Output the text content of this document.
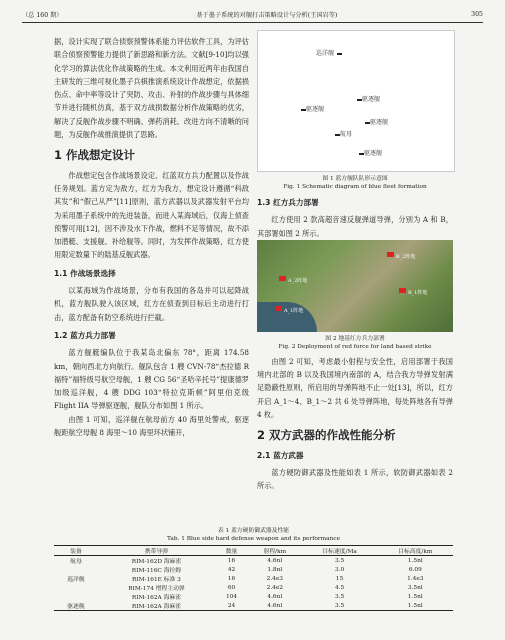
（总 160 期）	基于墨子系统的对舰打击策略设计与分析(王国岩等)	305

据，设计实现了联合侦察预警体系能力评估软件工具，为评估联合侦察预警能力提供了新思路和新方法。文献[9-10]均以强化学习的算法优化作战策略的生成。本文利用近两年由我国自主研发的三维可视化墨子兵棋推演系统设计作战想定，依据损伤点、命中率等设计了突防、攻击、补射的作战步骤与具体细节并进行随机仿真，基于双方战损数据分析作战策略的优劣，解决了反舰作战步骤不明确、弹药消耗、改进方向不清晰的问题，为反舰作战推演提供了思路。

1 作战想定设计

作战想定包含作战场景设定、红蓝双方兵力配置以及作战任务规划。蓝方定为敌方，红方为我方，想定设计遵循“科敌其发”和“假己从严”[11]原则，蓝方武器以及武器发射平台均为采用墨子系统中的先进装备，而进入某海域后，仅海上侦查预警可用[12]，因不涉及水下作战，燃料不足等情况，故不添加潜艇、支援舰、补给舰等。同时，为发挥作战策略，红方使用限定数量下的陆基反舰武器。

1.1 作战场景选择

以某海域为作战场景，分布有我国的各岛并可以起降战机，蓝方舰队驶入该区域，红方在侦查到目标后主动进行打击，蓝方配备有防空系统进行拦截。

1.2 蓝方兵力部署

蓝方舰艇编队位于我某岛北偏东 78°，距离 174.58 km，朝向西北方向航行。舰队包含 1 艘 CVN-78“杰拉德 R 福特”福特级号航空母舰，1 艘 CG 56“圣哈辛托号”提康德罗加级巡洋舰，4 艘 DDG 103“特拉克斯顿”阿里伯克级 Flight IIA 导弹驱逐舰，舰队分布如图 1 所示。

由图 1 可知，巡洋舰在航母前方 40 海里处警戒，驱逐舰距航空母舰 8 海里～10 海里环状铺开，

巡洋舰
驱逐舰
驱逐舰
驱逐舰
航母
驱逐舰
图 1 蓝方舰队队形示意图
Fig. 1 Schematic diagram of blue fleet formation
1.3 红方兵力部署

红方使用 2 款高超音速反舰弹道导弹，分别为 A 和 B，其部署如图 2 所示。

B_2阵地
A_2阵地
B_1阵地
A_1阵地
图 2 地基红方兵力部署
Fig. 2 Deployment of red force for land based strike

由图 2 可知，考虑最小射程与安全性，启用部署于我国境内北部的 B 以及我国境内南部的 A，结合我方导弹发射满足隐蔽性原则，所启用的导弹阵地不止一处[13]，所以，红方开启 A_1～4、B_1～2 共 6 处导弹阵地，每处阵地各有导弹 4 枚。

2 双方武器的作战性能分析
2.1 蓝方武器

蓝方硬防御武器及性能如表 1 所示，软防御武器如表 2 所示。

表 1 蓝方硬防御武器及性能
Tab. 1 Blue side hard defense weapon and its performance
装备	携带导弹	数量	射程/km	目标速度/Ma	目标高度/km
航母	RIM-162D 海麻雀	16	4.6nl	3.5	1.5nl
	RIM-116C 海拉姆	42	1.8nl	3.0	6.09
巡洋舰	RIM-161E 标准 3	16	2.4e3	15	1.4e3
	RIM-174 增程主动弹	60	2.4e2	4.5	3.5nl
	RIM-162A 海麻雀	104	4.6nl	3.5	1.5nl
驱逐舰	RIM-162A 海麻雀	24	4.6nl	3.5	1.5nl
